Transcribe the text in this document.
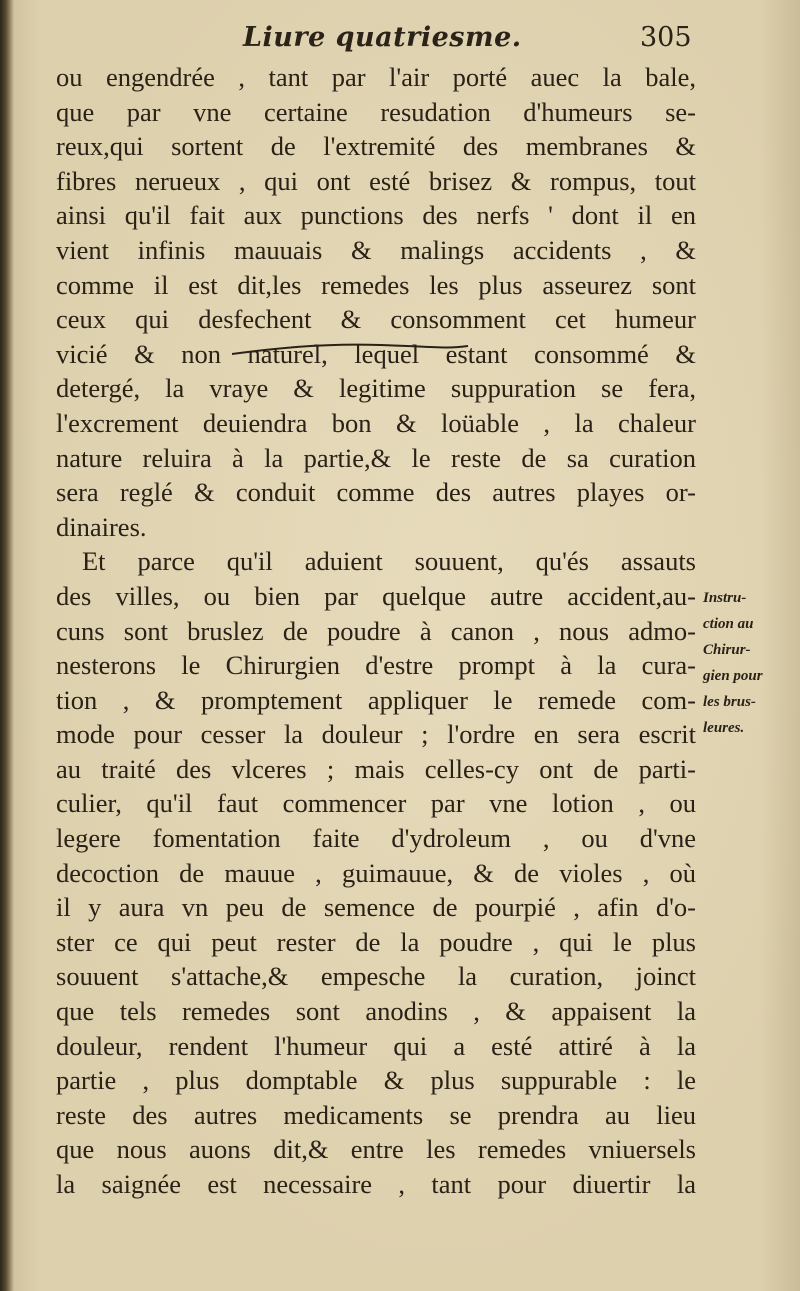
Liure quatriesme.	305
ou engendrée , tant par l'air porté auec la bale,
que par vne certaine resudation d'humeurs se-
reux,qui sortent de l'extremité des membranes &
fibres nerueux , qui ont esté brisez & rompus, tout
ainsi qu'il fait aux punctions des nerfs ' dont il en
vient infinis mauuais & malings accidents , &
comme il est dit,les remedes les plus asseurez sont
ceux qui desfechent & consomment cet humeur
vicié & non naturel, lequel estant consommé &
detergé, la vraye & legitime suppuration se fera,
l'excrement deuiendra bon & loüable , la chaleur
nature reluira à la partie,& le reste de sa curation
sera reglé & conduit comme des autres playes or-
dinaires.
Et parce qu'il aduient souuent, qu'és assauts
des villes, ou bien par quelque autre accident,au-
cuns sont bruslez de poudre à canon , nous admo-
nesterons le Chirurgien d'estre prompt à la cura-
tion , & promptement appliquer le remede com-
mode pour cesser la douleur ; l'ordre en sera escrit
au traité des vlceres ; mais celles-cy ont de parti-
culier, qu'il faut commencer par vne lotion , ou
legere fomentation faite d'ydroleum , ou d'vne
decoction de mauue , guimauue, & de violes , où
il y aura vn peu de semence de pourpié , afin d'o-
ster ce qui peut rester de la poudre , qui le plus
souuent s'attache,& empesche la curation, joinct
que tels remedes sont anodins , & appaisent la
douleur, rendent l'humeur qui a esté attiré à la
partie , plus domptable & plus suppurable : le
reste des autres medicaments se prendra au lieu
que nous auons dit,& entre les remedes vniuersels
la saignée est necessaire , tant pour diuertir la
Instru-
ction au
Chirur-
gien pour
les brus-
leures.
